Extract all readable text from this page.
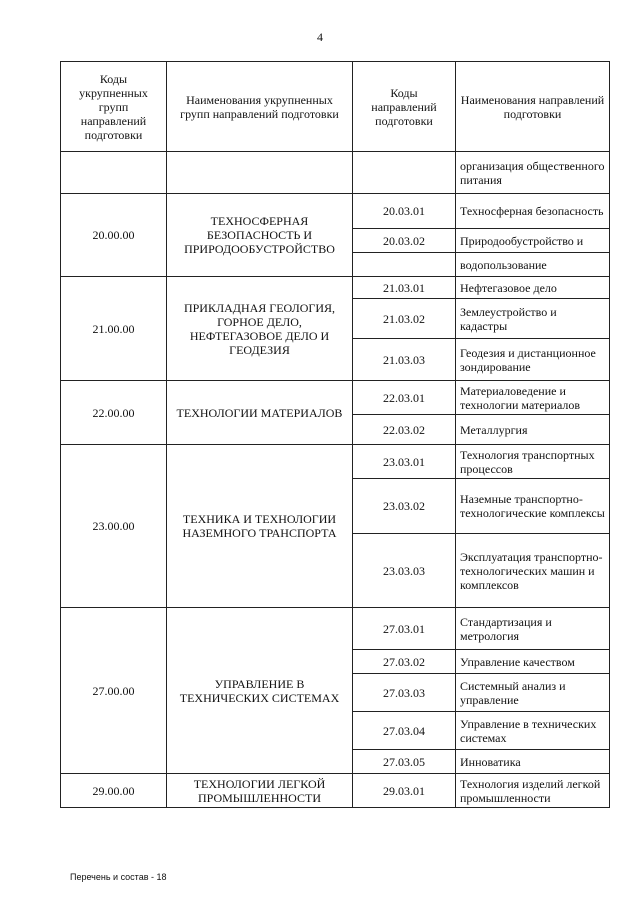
4
Коды укрупненных групп направлений подготовки	Наименования укрупненных групп направлений подготовки	Коды направлений подготовки	Наименования направлений подготовки
			организация общественного питания
20.00.00	ТЕХНОСФЕРНАЯ БЕЗОПАСНОСТЬ И ПРИРОДООБУСТРОЙСТВО	20.03.01	Техносферная безопасность
		20.03.02	Природообустройство и
			водопользование
21.00.00	ПРИКЛАДНАЯ ГЕОЛОГИЯ, ГОРНОЕ ДЕЛО, НЕФТЕГАЗОВОЕ ДЕЛО И ГЕОДЕЗИЯ	21.03.01	Нефтегазовое дело
		21.03.02	Землеустройство и кадастры
		21.03.03	Геодезия и дистанционное зондирование
22.00.00	ТЕХНОЛОГИИ МАТЕРИАЛОВ	22.03.01	Материаловедение и технологии материалов
		22.03.02	Металлургия
23.00.00	ТЕХНИКА И ТЕХНОЛОГИИ НАЗЕМНОГО ТРАНСПОРТА	23.03.01	Технология транспортных процессов
		23.03.02	Наземные транспортно-технологические комплексы
		23.03.03	Эксплуатация транспортно-технологических машин и комплексов
27.00.00	УПРАВЛЕНИЕ В ТЕХНИЧЕСКИХ СИСТЕМАХ	27.03.01	Стандартизация и метрология
		27.03.02	Управление качеством
		27.03.03	Системный анализ и управление
		27.03.04	Управление в технических системах
		27.03.05	Инноватика
29.00.00	ТЕХНОЛОГИИ ЛЕГКОЙ ПРОМЫШЛЕННОСТИ	29.03.01	Технология изделий легкой промышленности
Перечень и состав - 18
